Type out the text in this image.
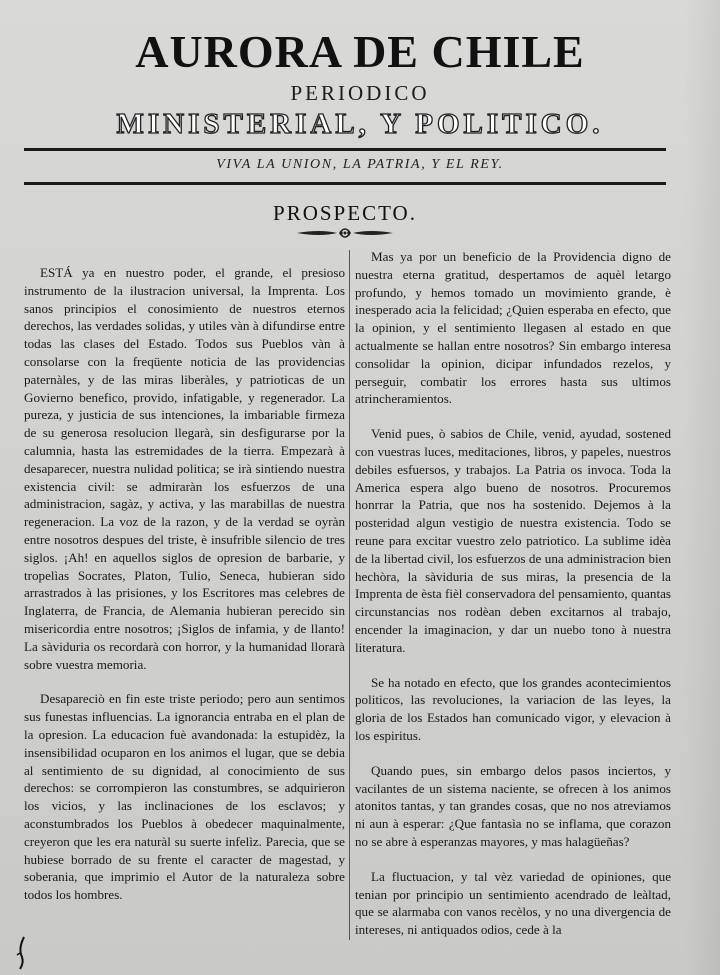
AURORA DE CHILE
PERIODICO
MINISTERIAL, Y POLITICO.
VIVA LA UNION, LA PATRIA, Y EL REY.
PROSPECTO.

ESTÁ ya en nuestro poder, el grande, el presioso instrumento de la ilustracion universal, la Imprenta. Los sanos principios el conosimiento de nuestros eternos derechos, las verdades solidas, y utiles vàn à difundirse entre todas las clases del Estado. Todos sus Pueblos vàn à consolarse con la freqüente noticia de las providencias paternàles, y de las miras liberàles, y patrioticas de un Govierno benefico, provido, infatigable, y regenerador. La pureza, y justicia de sus intenciones, la imbariable firmeza de su generosa resolucion llegarà, sin desfigurarse por la calumnia, hasta las estremidades de la tierra. Empezarà à desaparecer, nuestra nulidad politica; se irà sintiendo nuestra existencia civil: se admiraràn los esfuerzos de una administracion, sagàz, y activa, y las marabillas de nuestra regeneracion. La voz de la razon, y de la verdad se oyràn entre nosotros despues del triste, è insufrible silencio de tres siglos. ¡Ah! en aquellos siglos de opresion de barbarie, y tropelìas Socrates, Platon, Tulio, Seneca, hubieran sido arrastrados à las prisiones, y los Escritores mas celebres de Inglaterra, de Francia, de Alemania hubieran perecido sin misericordia entre nosotros; ¡Siglos de infamia, y de llanto! La sàviduria os recordarà con horror, y la humanidad llorarà sobre vuestra memoria.

Desapareciò en fin este triste periodo; pero aun sentimos sus funestas influencias. La ignorancia entraba en el plan de la opresion. La educacion fuè avandonada: la estupidèz, la insensibilidad ocuparon en los animos el lugar, que se debia al sentimiento de su dignidad, al conocimiento de sus derechos: se corrompieron las constumbres, se adquirieron los vicios, y las inclinaciones de los esclavos; y aconstumbrados los Pueblos à obedecer maquinalmente, creyeron que les era naturàl su suerte infelìz. Parecia, que se hubiese borrado de su frente el caracter de magestad, y soberania, que imprimio el Autor de la naturaleza sobre todos los hombres.

Mas ya por un beneficio de la Providencia digno de nuestra eterna gratitud, despertamos de aquèl letargo profundo, y hemos tomado un movimiento grande, è inesperado acia la felicidad; ¿Quien esperaba en efecto, que la opinion, y el sentimiento llegasen al estado en que actualmente se hallan entre nosotros? Sin embargo interesa consolidar la opinion, dicipar infundados rezelos, y perseguir, combatir los errores hasta sus ultimos atrincheramientos.

Venid pues, ò sabios de Chile, venid, ayudad, sostened con vuestras luces, meditaciones, libros, y papeles, nuestros debiles esfuersos, y trabajos. La Patria os invoca. Toda la America espera algo bueno de nosotros. Procuremos honrrar la Patria, que nos ha sostenido. Dejemos à la posteridad algun vestigio de nuestra existencia. Todo se reune para excitar vuestro zelo patriotico. La sublime idèa de la libertad civil, los esfuerzos de una administracion bien hechòra, la sàviduria de sus miras, la presencia de la Imprenta de èsta fièl conservadora del pensamiento, quantas circunstancias nos rodèan deben excitarnos al trabajo, encender la imaginacion, y dar un nuebo tono à nuestra literatura.

Se ha notado en efecto, que los grandes acontecimientos politicos, las revoluciones, la variacion de las leyes, la gloria de los Estados han comunicado vigor, y elevacion à los espiritus.

Quando pues, sin embargo delos pasos inciertos, y vacilantes de un sistema naciente, se ofrecen à los animos atonitos tantas, y tan grandes cosas, que no nos atreviamos ni aun à esperar: ¿Que fantasìa no se inflama, que corazon no se abre à esperanzas mayores, y mas halagüeñas?

La fluctuacion, y tal vèz variedad de opiniones, que tenian por principio un sentimiento acendrado de leàltad, que se alarmaba con vanos recèlos, y no una divergencia de intereses, ni antiquados odios, cede à la
